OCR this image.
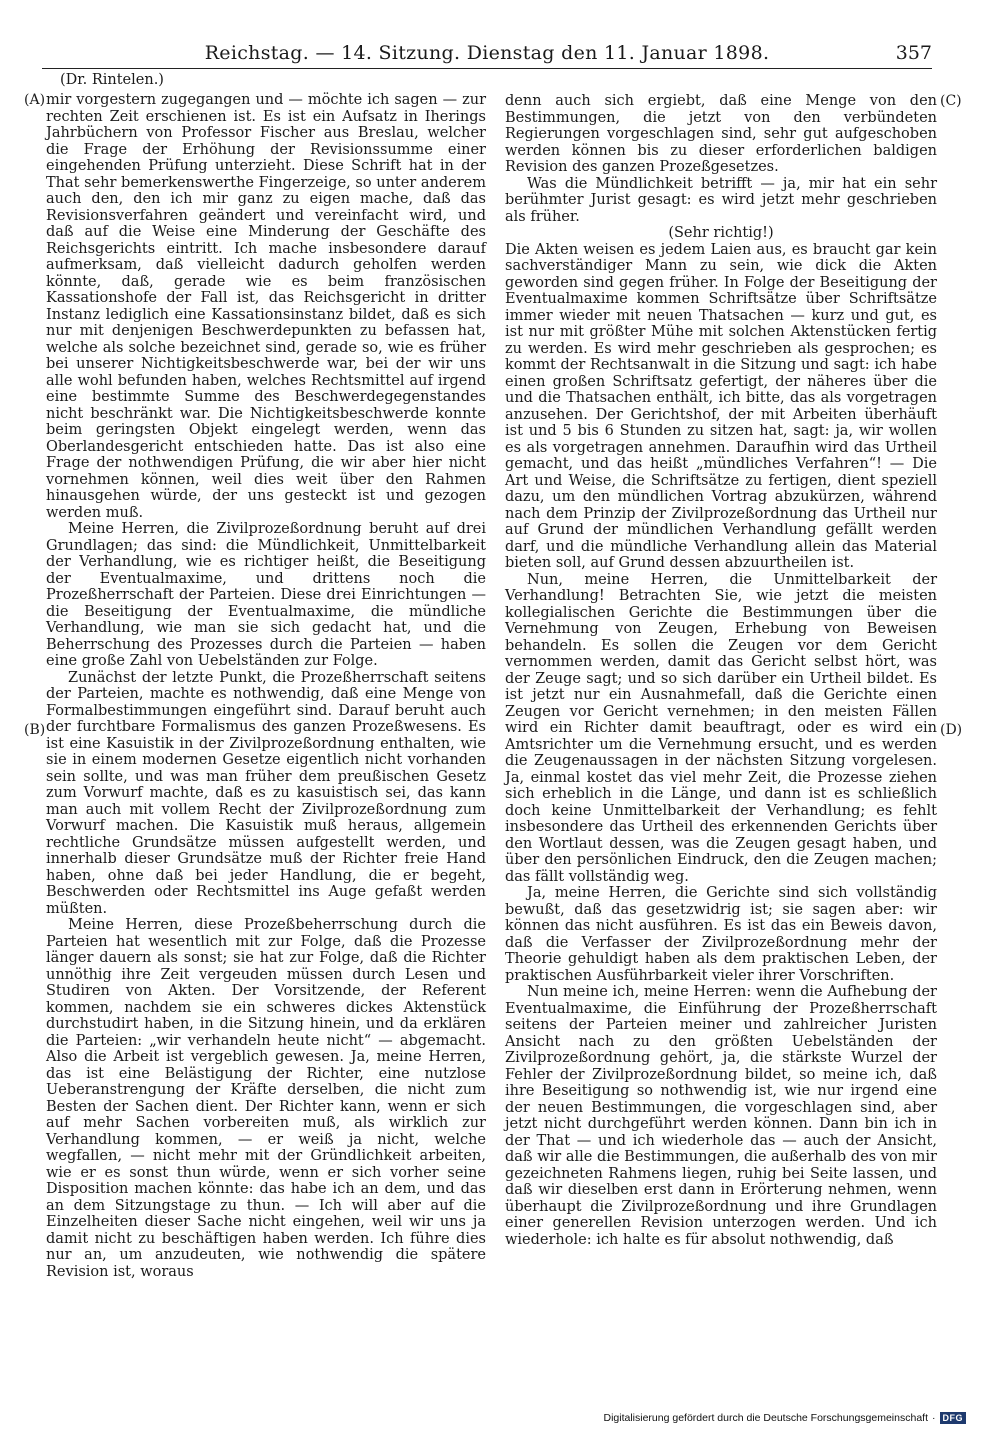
Reichstag. — 14. Sitzung. Dienstag den 11. Januar 1898.	357
(Dr. Rintelen.)
(A)
(B)
(C)
(D)

mir vorgestern zugegangen und — möchte ich sagen — zur rechten Zeit erschienen ist. Es ist ein Aufsatz in Iherings Jahrbüchern von Professor Fischer aus Breslau, welcher die Frage der Erhöhung der Revisionssumme einer eingehenden Prüfung unterzieht. Diese Schrift hat in der That sehr bemerkenswerthe Fingerzeige, so unter anderem auch den, den ich mir ganz zu eigen mache, daß das Revisionsverfahren geändert und vereinfacht wird, und daß auf die Weise eine Minderung der Geschäfte des Reichsgerichts eintritt. Ich mache insbesondere darauf aufmerksam, daß vielleicht dadurch geholfen werden könnte, daß, gerade wie es beim französischen Kassationshofe der Fall ist, das Reichsgericht in dritter Instanz lediglich eine Kassationsinstanz bildet, daß es sich nur mit denjenigen Beschwerdepunkten zu befassen hat, welche als solche bezeichnet sind, gerade so, wie es früher bei unserer Nichtigkeitsbeschwerde war, bei der wir uns alle wohl befunden haben, welches Rechtsmittel auf irgend eine bestimmte Summe des Beschwerdegegenstandes nicht beschränkt war. Die Nichtigkeitsbeschwerde konnte beim geringsten Objekt eingelegt werden, wenn das Oberlandesgericht entschieden hatte. Das ist also eine Frage der nothwendigen Prüfung, die wir aber hier nicht vornehmen können, weil dies weit über den Rahmen hinausgehen würde, der uns gesteckt ist und gezogen werden muß.

Meine Herren, die Zivilprozeßordnung beruht auf drei Grundlagen; das sind: die Mündlichkeit, Unmittelbarkeit der Verhandlung, wie es richtiger heißt, die Beseitigung der Eventualmaxime, und drittens noch die Prozeßherrschaft der Parteien. Diese drei Einrichtungen — die Beseitigung der Eventualmaxime, die mündliche Verhandlung, wie man sie sich gedacht hat, und die Beherrschung des Prozesses durch die Parteien — haben eine große Zahl von Uebelständen zur Folge.

Zunächst der letzte Punkt, die Prozeßherrschaft seitens der Parteien, machte es nothwendig, daß eine Menge von Formalbestimmungen eingeführt sind. Darauf beruht auch der furchtbare Formalismus des ganzen Prozeßwesens. Es ist eine Kasuistik in der Zivilprozeßordnung enthalten, wie sie in einem modernen Gesetze eigentlich nicht vorhanden sein sollte, und was man früher dem preußischen Gesetz zum Vorwurf machte, daß es zu kasuistisch sei, das kann man auch mit vollem Recht der Zivilprozeßordnung zum Vorwurf machen. Die Kasuistik muß heraus, allgemein rechtliche Grundsätze müssen aufgestellt werden, und innerhalb dieser Grundsätze muß der Richter freie Hand haben, ohne daß bei jeder Handlung, die er begeht, Beschwerden oder Rechtsmittel ins Auge gefaßt werden müßten.

Meine Herren, diese Prozeßbeherrschung durch die Parteien hat wesentlich mit zur Folge, daß die Prozesse länger dauern als sonst; sie hat zur Folge, daß die Richter unnöthig ihre Zeit vergeuden müssen durch Lesen und Studiren von Akten. Der Vorsitzende, der Referent kommen, nachdem sie ein schweres dickes Aktenstück durchstudirt haben, in die Sitzung hinein, und da erklären die Parteien: „wir verhandeln heute nicht“ — abgemacht. Also die Arbeit ist vergeblich gewesen. Ja, meine Herren, das ist eine Belästigung der Richter, eine nutzlose Ueberanstrengung der Kräfte derselben, die nicht zum Besten der Sachen dient. Der Richter kann, wenn er sich auf mehr Sachen vorbereiten muß, als wirklich zur Verhandlung kommen, — er weiß ja nicht, welche wegfallen, — nicht mehr mit der Gründlichkeit arbeiten, wie er es sonst thun würde, wenn er sich vorher seine Disposition machen könnte: das habe ich an dem, und das an dem Sitzungstage zu thun. — Ich will aber auf die Einzelheiten dieser Sache nicht eingehen, weil wir uns ja damit nicht zu beschäftigen haben werden. Ich führe dies nur an, um anzudeuten, wie nothwendig die spätere Revision ist, woraus

denn auch sich ergiebt, daß eine Menge von den Bestimmungen, die jetzt von den verbündeten Regierungen vorgeschlagen sind, sehr gut aufgeschoben werden können bis zu dieser erforderlichen baldigen Revision des ganzen Prozeßgesetzes.

Was die Mündlichkeit betrifft — ja, mir hat ein sehr berühmter Jurist gesagt: es wird jetzt mehr geschrieben als früher.

(Sehr richtig!)

Die Akten weisen es jedem Laien aus, es braucht gar kein sachverständiger Mann zu sein, wie dick die Akten geworden sind gegen früher. In Folge der Beseitigung der Eventualmaxime kommen Schriftsätze über Schriftsätze immer wieder mit neuen Thatsachen — kurz und gut, es ist nur mit größter Mühe mit solchen Aktenstücken fertig zu werden. Es wird mehr geschrieben als gesprochen; es kommt der Rechtsanwalt in die Sitzung und sagt: ich habe einen großen Schriftsatz gefertigt, der näheres über die und die Thatsachen enthält, ich bitte, das als vorgetragen anzusehen. Der Gerichtshof, der mit Arbeiten überhäuft ist und 5 bis 6 Stunden zu sitzen hat, sagt: ja, wir wollen es als vorgetragen annehmen. Daraufhin wird das Urtheil gemacht, und das heißt „mündliches Verfahren“! — Die Art und Weise, die Schriftsätze zu fertigen, dient speziell dazu, um den mündlichen Vortrag abzukürzen, während nach dem Prinzip der Zivilprozeßordnung das Urtheil nur auf Grund der mündlichen Verhandlung gefällt werden darf, und die mündliche Verhandlung allein das Material bieten soll, auf Grund dessen abzuurtheilen ist.

Nun, meine Herren, die Unmittelbarkeit der Verhandlung! Betrachten Sie, wie jetzt die meisten kollegialischen Gerichte die Bestimmungen über die Vernehmung von Zeugen, Erhebung von Beweisen behandeln. Es sollen die Zeugen vor dem Gericht vernommen werden, damit das Gericht selbst hört, was der Zeuge sagt; und so sich darüber ein Urtheil bildet. Es ist jetzt nur ein Ausnahmefall, daß die Gerichte einen Zeugen vor Gericht vernehmen; in den meisten Fällen wird ein Richter damit beauftragt, oder es wird ein Amtsrichter um die Vernehmung ersucht, und es werden die Zeugenaussagen in der nächsten Sitzung vorgelesen. Ja, einmal kostet das viel mehr Zeit, die Prozesse ziehen sich erheblich in die Länge, und dann ist es schließlich doch keine Unmittelbarkeit der Verhandlung; es fehlt insbesondere das Urtheil des erkennenden Gerichts über den Wortlaut dessen, was die Zeugen gesagt haben, und über den persönlichen Eindruck, den die Zeugen machen; das fällt vollständig weg.

Ja, meine Herren, die Gerichte sind sich vollständig bewußt, daß das gesetzwidrig ist; sie sagen aber: wir können das nicht ausführen. Es ist das ein Beweis davon, daß die Verfasser der Zivilprozeßordnung mehr der Theorie gehuldigt haben als dem praktischen Leben, der praktischen Ausführbarkeit vieler ihrer Vorschriften.

Nun meine ich, meine Herren: wenn die Aufhebung der Eventualmaxime, die Einführung der Prozeßherrschaft seitens der Parteien meiner und zahlreicher Juristen Ansicht nach zu den größten Uebelständen der Zivilprozeßordnung gehört, ja, die stärkste Wurzel der Fehler der Zivilprozeßordnung bildet, so meine ich, daß ihre Beseitigung so nothwendig ist, wie nur irgend eine der neuen Bestimmungen, die vorgeschlagen sind, aber jetzt nicht durchgeführt werden können. Dann bin ich in der That — und ich wiederhole das — auch der Ansicht, daß wir alle die Bestimmungen, die außerhalb des von mir gezeichneten Rahmens liegen, ruhig bei Seite lassen, und daß wir dieselben erst dann in Erörterung nehmen, wenn überhaupt die Zivilprozeßordnung und ihre Grundlagen einer generellen Revision unterzogen werden. Und ich wiederhole: ich halte es für absolut nothwendig, daß

Digitalisierung gefördert durch die Deutsche Forschungsgemeinschaft · DFG
